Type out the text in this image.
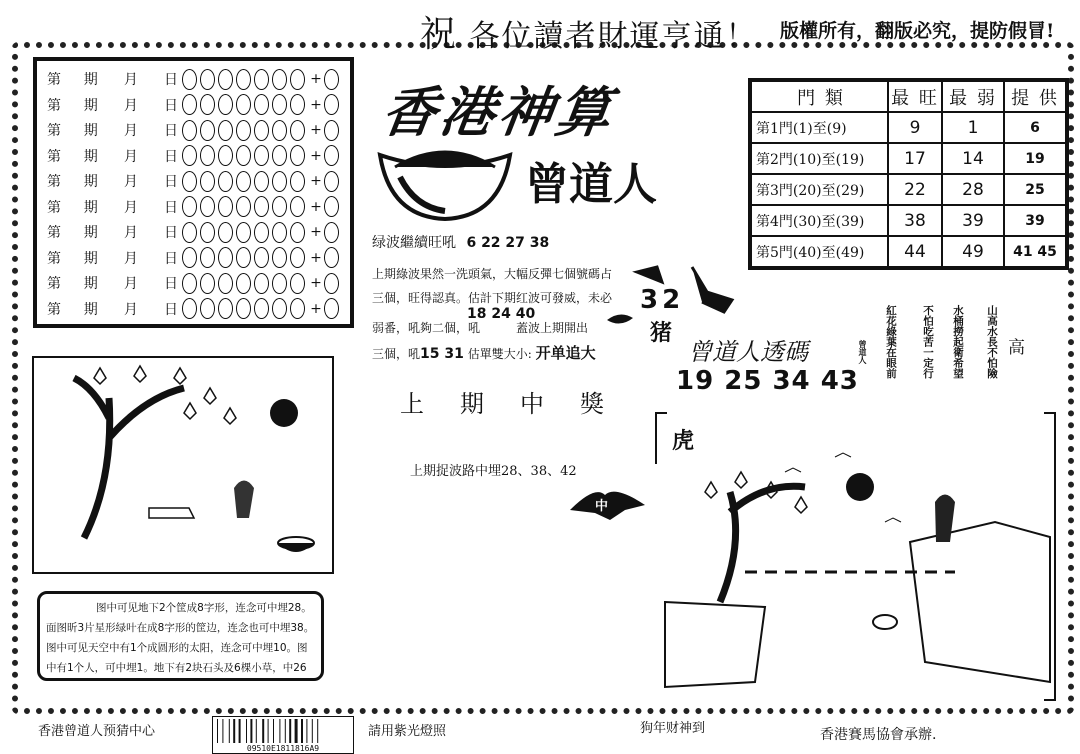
祝 各位讀者財運亨通！ 版權所有，翻版必究，提防假冒!
第 期 月 日	+
第 期 月 日	+
第 期 月 日	+
第 期 月 日	+
第 期 月 日	+
第 期 月 日	+
第 期 月 日	+
第 期 月 日	+
第 期 月 日	+
第 期 月 日	+
香港神算
曾道人
绿波繼續旺吼 6 22 27 38
上期綠波果然一洗頭氣，大幅反彈七個號碼占
三個，旺得認真。估計下期红波可發威，未必
弱番，吼夠二個，吼　　　蓋波上期開出
18 24 40
三個，吼15 31 估單雙大小: 开单追大
上期中獎
上期捉波路中埋28、38、42
門 類	最 旺	最 弱	提 供
第1門(1)至(9)	9	1	6
第2門(10)至(19)	17	14	19
第3門(20)至(29)	22	28	25
第4門(30)至(39)	38	39	39
第5門(40)至(49)	44	49	41 45
32
猪
曾道人透碼
19 25 34 43
曾道人 紅花綠葉在眼前 不怕吃苦一定行 水桶撈起衛希望 山高水長不怕險 高
图中可见地下2个筐成8字形，连念可中埋28。
面图昕3片星形绿叶在成8字形的筐边，连念也可中埋38。
图中可见天空中有1个成圆形的太阳，连念可中埋10。图
中有1个人，可中埋1。地下有2块石头及6棵小草，中26
中
虎
香港曾道人预猜中心
09510E1811816A9
請用紫光燈照	狗年财神到	香港賽馬協會承辦.
